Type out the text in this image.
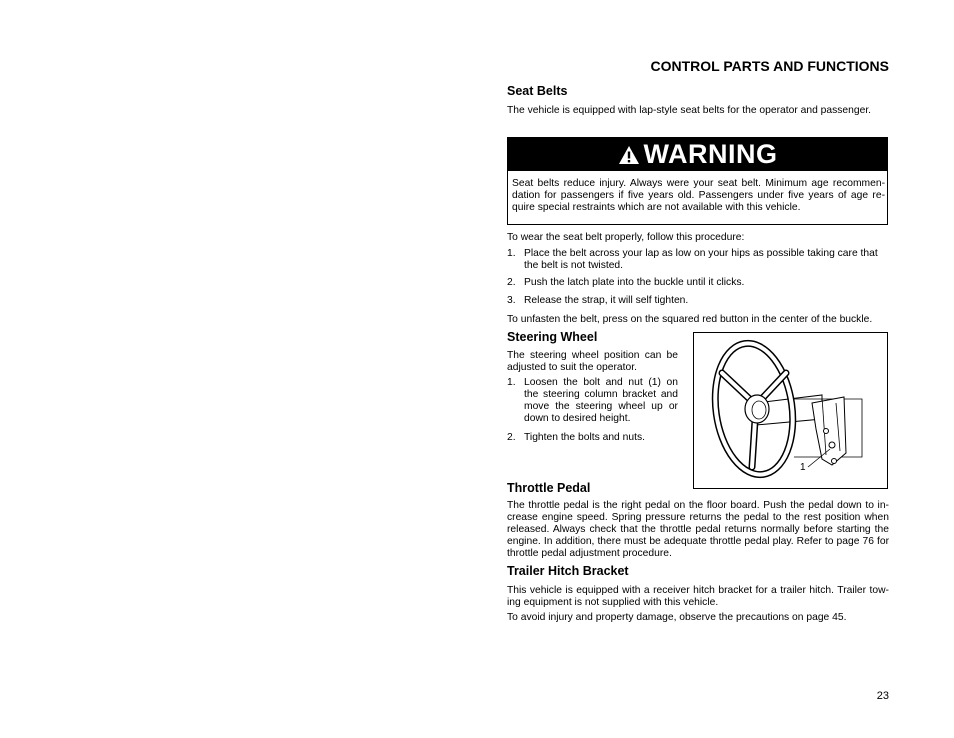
CONTROL PARTS AND FUNCTIONS
Seat Belts
The vehicle is equipped with lap-style seat belts for the operator and passenger.
WARNING
Seat belts reduce injury. Always were your seat belt. Minimum age recommen-dation for passengers if five years old. Passengers under five years of age re-quire special restraints which are not available with this vehicle.
To wear the seat belt properly, follow this procedure:
1. Place the belt across your lap as low on your hips as possible taking care that the belt is not twisted.
2. Push the latch plate into the buckle until it clicks.
3. Release the strap, it will self tighten.
To unfasten the belt, press on the squared red button in the center of the buckle.
Steering Wheel
The steering wheel position can be adjusted to suit the operator.
1. Loosen the bolt and nut (1) on the steering column bracket and move the steering wheel up or down to desired height.
2. Tighten the bolts and nuts.
1
Throttle Pedal
The throttle pedal is the right pedal on the floor board. Push the pedal down to in-crease engine speed. Spring pressure returns the pedal to the rest position when released. Always check that the throttle pedal returns normally before starting the engine. In addition, there must be adequate throttle pedal play. Refer to page 76 for throttle pedal adjustment procedure.
Trailer Hitch Bracket
This vehicle is equipped with a receiver hitch bracket for a trailer hitch. Trailer tow-ing equipment is not supplied with this vehicle.
To avoid injury and property damage, observe the precautions on page 45.
23
